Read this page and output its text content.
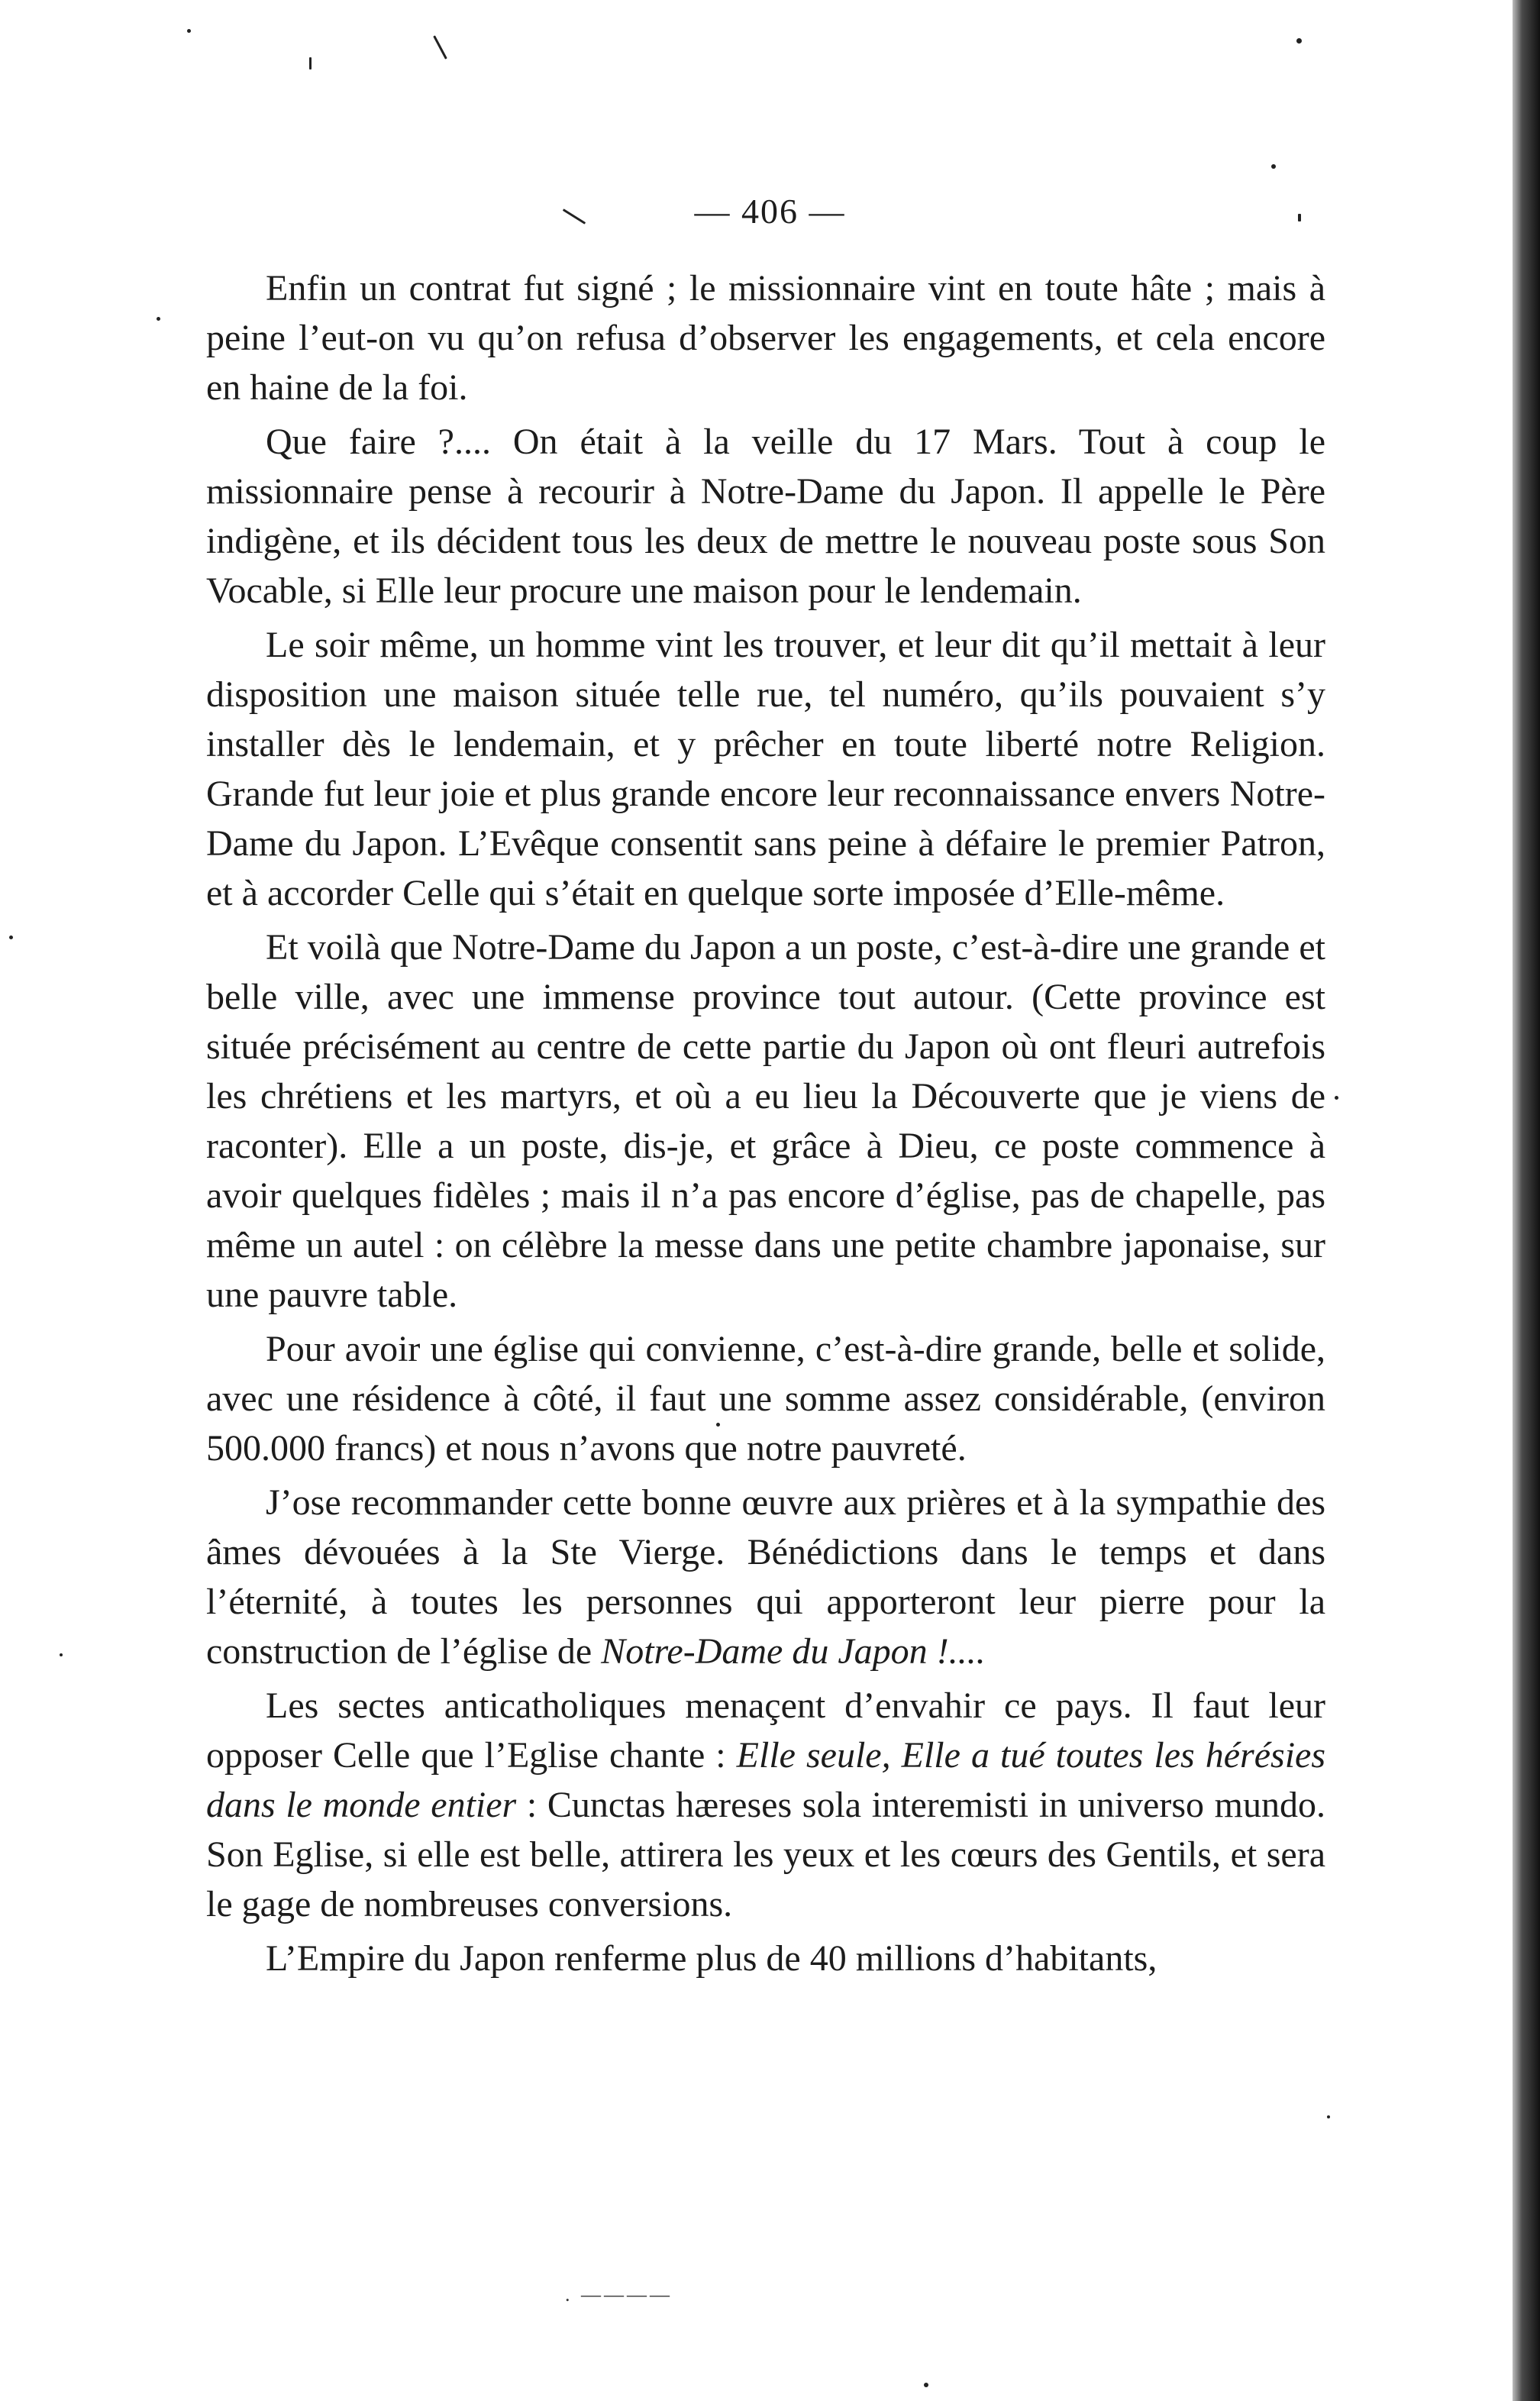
— 406 —

Enfin un contrat fut signé ; le missionnaire vint en toute hâte ; mais à peine l’eut-on vu qu’on refusa d’observer les engagements, et cela encore en haine de la foi.

Que faire ?.... On était à la veille du 17 Mars. Tout à coup le missionnaire pense à recourir à Notre-Dame du Japon. Il appelle le Père indigène, et ils décident tous les deux de mettre le nouveau poste sous Son Vocable, si Elle leur procure une maison pour le lendemain.

Le soir même, un homme vint les trouver, et leur dit qu’il mettait à leur disposition une maison située telle rue, tel numéro, qu’ils pouvaient s’y installer dès le lendemain, et y prêcher en toute liberté notre Religion. Grande fut leur joie et plus grande encore leur reconnaissance envers Notre-Dame du Japon. L’Evêque consentit sans peine à défaire le premier Patron, et à accorder Celle qui s’était en quelque sorte imposée d’Elle-même.

Et voilà que Notre-Dame du Japon a un poste, c’est-à-dire une grande et belle ville, avec une immense province tout autour. (Cette province est située précisément au centre de cette partie du Japon où ont fleuri autrefois les chrétiens et les martyrs, et où a eu lieu la Découverte que je viens de raconter). Elle a un poste, dis-je, et grâce à Dieu, ce poste commence à avoir quelques fidèles ; mais il n’a pas encore d’église, pas de chapelle, pas même un autel : on célèbre la messe dans une petite chambre japonaise, sur une pauvre table.

Pour avoir une église qui convienne, c’est-à-dire grande, belle et solide, avec une résidence à côté, il faut une somme assez considérable, (environ 500.000 francs) et nous n’avons que notre pauvreté.

J’ose recommander cette bonne œuvre aux prières et à la sympathie des âmes dévouées à la Ste Vierge. Bénédictions dans le temps et dans l’éternité, à toutes les personnes qui apporteront leur pierre pour la construction de l’église de Notre-Dame du Japon !....

Les sectes anticatholiques menaçent d’envahir ce pays. Il faut leur opposer Celle que l’Eglise chante : Elle seule, Elle a tué toutes les hérésies dans le monde entier : Cunctas hæreses sola interemisti in universo mundo. Son Eglise, si elle est belle, attirera les yeux et les cœurs des Gentils, et sera le gage de nombreuses conversions.

L’Empire du Japon renferme plus de 40 millions d’habitants,

. ————
